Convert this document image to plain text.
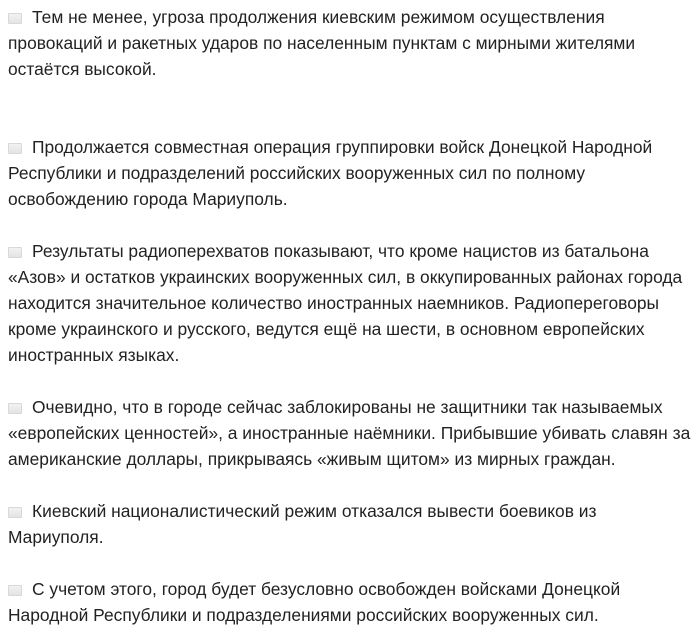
Тем не менее, угроза продолжения киевским режимом осуществления провокаций и ракетных ударов по населенным пунктам с мирными жителями остаётся высокой.

Продолжается совместная операция группировки войск Донецкой Народной Республики и подразделений российских вооруженных сил по полному освобождению города Мариуполь.

Результаты радиоперехватов показывают, что кроме нацистов из батальона «Азов» и остатков украинских вооруженных сил, в оккупированных районах города находится значительное количество иностранных наемников. Радиопереговоры кроме украинского и русского, ведутся ещё на шести, в основном европейских иностранных языках.

Очевидно, что в городе сейчас заблокированы не защитники так называемых «европейских ценностей», а иностранные наёмники. Прибывшие убивать славян за американские доллары, прикрываясь «живым щитом» из мирных граждан.

Киевский националистический режим отказался вывести боевиков из Мариуполя.

С учетом этого, город будет безусловно освобожден войсками Донецкой Народной Республики и подразделениями российских вооруженных сил.
